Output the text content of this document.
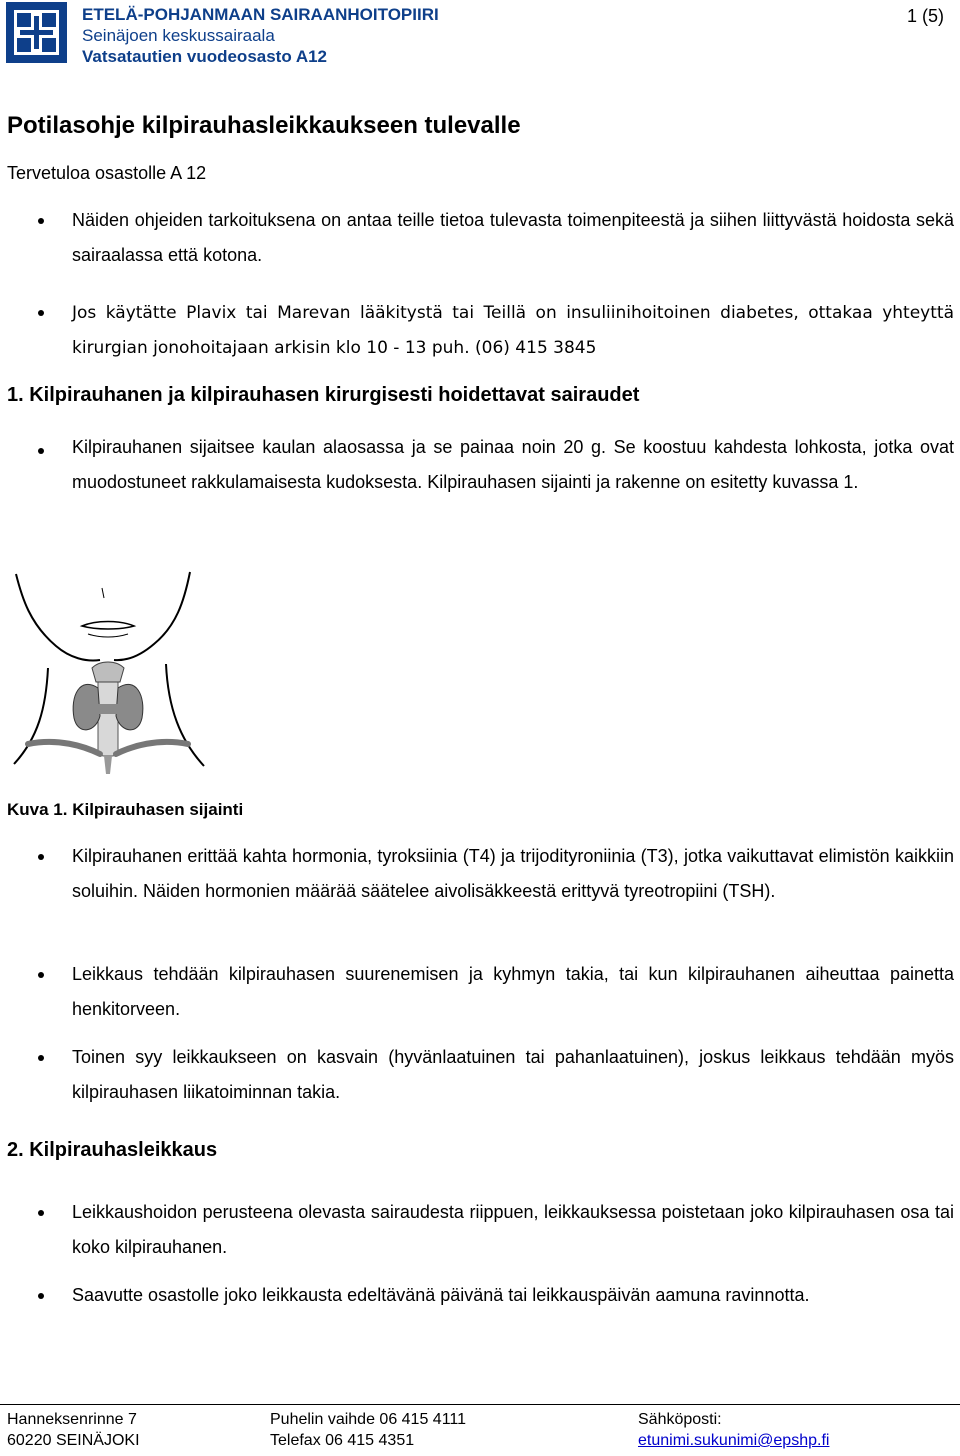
ETELÄ-POHJANMAAN SAIRAANHOITOPIIRI
Seinäjoen keskussairaala
Vatsatautien vuodeosasto A12
1 (5)
Potilasohje kilpirauhasleikkaukseen tulevalle
Tervetuloa osastolle A 12
Näiden ohjeiden tarkoituksena on antaa teille tietoa tulevasta toimenpiteestä ja siihen liittyvästä hoidosta sekä sairaalassa että kotona.
Jos käytätte Plavix tai Marevan lääkitystä tai Teillä on insuliinihoitoinen diabetes, ottakaa yhteyttä kirurgian jonohoitajaan arkisin klo 10 - 13 puh. (06) 415 3845
1. Kilpirauhanen ja kilpirauhasen kirurgisesti hoidettavat sairaudet
Kilpirauhanen sijaitsee kaulan alaosassa ja se painaa noin 20 g. Se koostuu kahdesta lohkosta, jotka ovat muodostuneet rakkulamaisesta kudoksesta. Kilpirauhasen sijainti ja rakenne on esitetty kuvassa 1.
Kuva 1. Kilpirauhasen sijainti
Kilpirauhanen erittää kahta hormonia, tyroksiinia (T4) ja trijodityroniinia (T3), jotka vaikuttavat elimistön kaikkiin soluihin. Näiden hormonien määrää säätelee aivolisäkkeestä erittyvä tyreotropiini (TSH).
Leikkaus tehdään kilpirauhasen suurenemisen ja kyhmyn takia, tai kun kilpirauhanen aiheuttaa painetta henkitorveen.
Toinen syy leikkaukseen on kasvain (hyvänlaatuinen tai pahanlaatuinen), joskus leikkaus tehdään myös kilpirauhasen liikatoiminnan takia.
2. Kilpirauhasleikkaus
Leikkaushoidon perusteena olevasta sairaudesta riippuen, leikkauksessa poistetaan joko kilpirauhasen osa tai koko kilpirauhanen.
Saavutte osastolle joko leikkausta edeltävänä päivänä tai leikkauspäivän aamuna ravinnotta.
Hanneksenrinne 7
60220 SEINÄJOKI
Puhelin vaihde 06 415 4111
Telefax 06 415 4351
Sähköposti:
etunimi.sukunimi@epshp.fi
